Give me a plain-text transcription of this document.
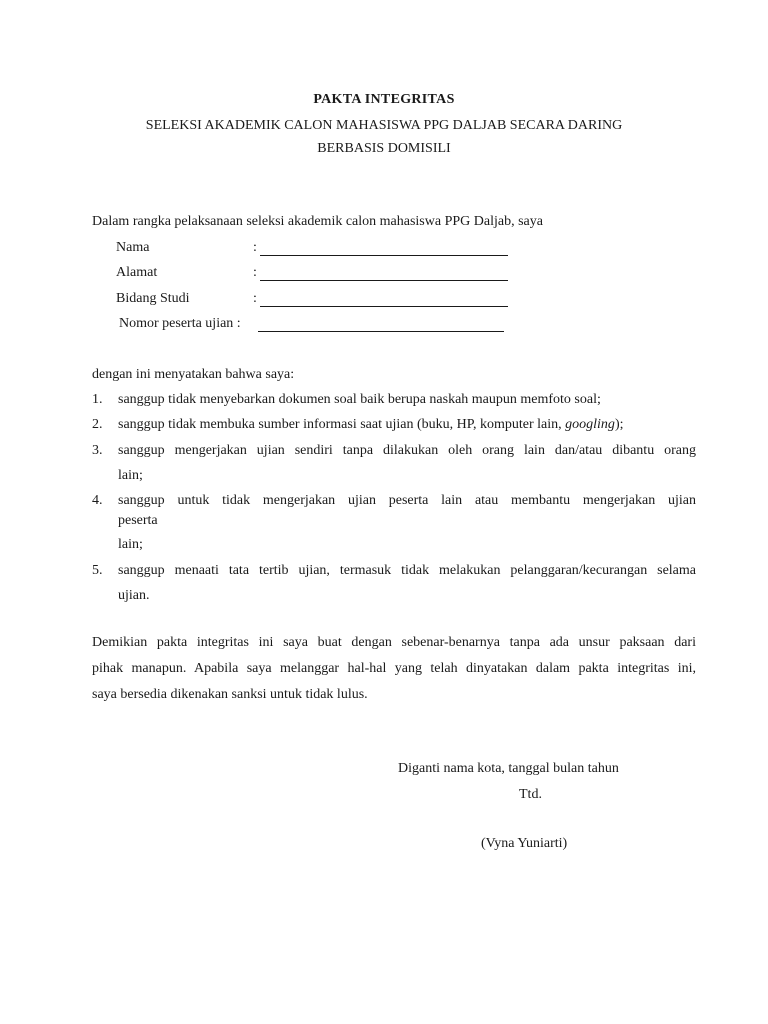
PAKTA INTEGRITAS
SELEKSI AKADEMIK CALON MAHASISWA PPG DALJAB SECARA DARING
BERBASIS DOMISILI
Dalam rangka pelaksanaan seleksi akademik calon mahasiswa PPG Daljab, saya
Nama	:
Alamat	:
Bidang Studi	:
Nomor peserta ujian :
dengan ini menyatakan bahwa saya:
1. sanggup tidak menyebarkan dokumen soal baik berupa naskah maupun memfoto soal;
2. sanggup tidak membuka sumber informasi saat ujian (buku, HP, komputer lain, googling);
3. sanggup mengerjakan ujian sendiri tanpa dilakukan oleh orang lain dan/atau dibantu orang
lain;
4. sanggup untuk tidak mengerjakan ujian peserta lain atau membantu mengerjakan ujian
peserta
lain;
5. sanggup menaati tata tertib ujian, termasuk tidak melakukan pelanggaran/kecurangan selama
ujian.
Demikian pakta integritas ini saya buat dengan sebenar-benarnya tanpa ada unsur paksaan dari
pihak manapun. Apabila saya melanggar hal-hal yang telah dinyatakan dalam pakta integritas ini,
saya bersedia dikenakan sanksi untuk tidak lulus.
Diganti nama kota, tanggal bulan tahun
Ttd.
(Vyna Yuniarti)
